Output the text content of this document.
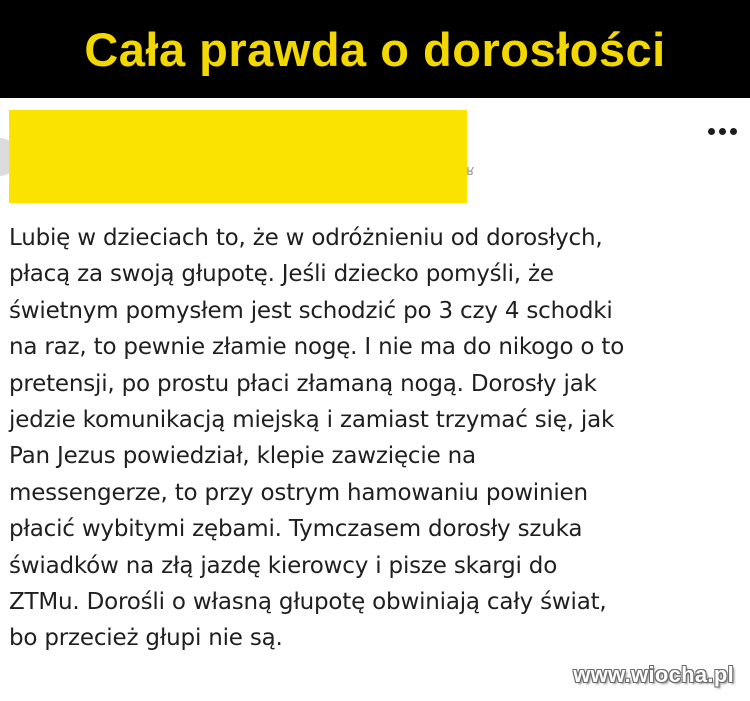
Cała prawda o dorosłości
ʁ

Lubię w dzieciach to, że w odróżnieniu od dorosłych,
płacą za swoją głupotę. Jeśli dziecko pomyśli, że
świetnym pomysłem jest schodzić po 3 czy 4 schodki
na raz, to pewnie złamie nogę. I nie ma do nikogo o to
pretensji, po prostu płaci złamaną nogą. Dorosły jak
jedzie komunikacją miejską i zamiast trzymać się, jak
Pan Jezus powiedział, klepie zawzięcie na
messengerze, to przy ostrym hamowaniu powinien
płacić wybitymi zębami. Tymczasem dorosły szuka
świadków na złą jazdę kierowcy i pisze skargi do
ZTMu. Dorośli o własną głupotę obwiniają cały świat,
bo przecież głupi nie są.

www.wiocha.pl
